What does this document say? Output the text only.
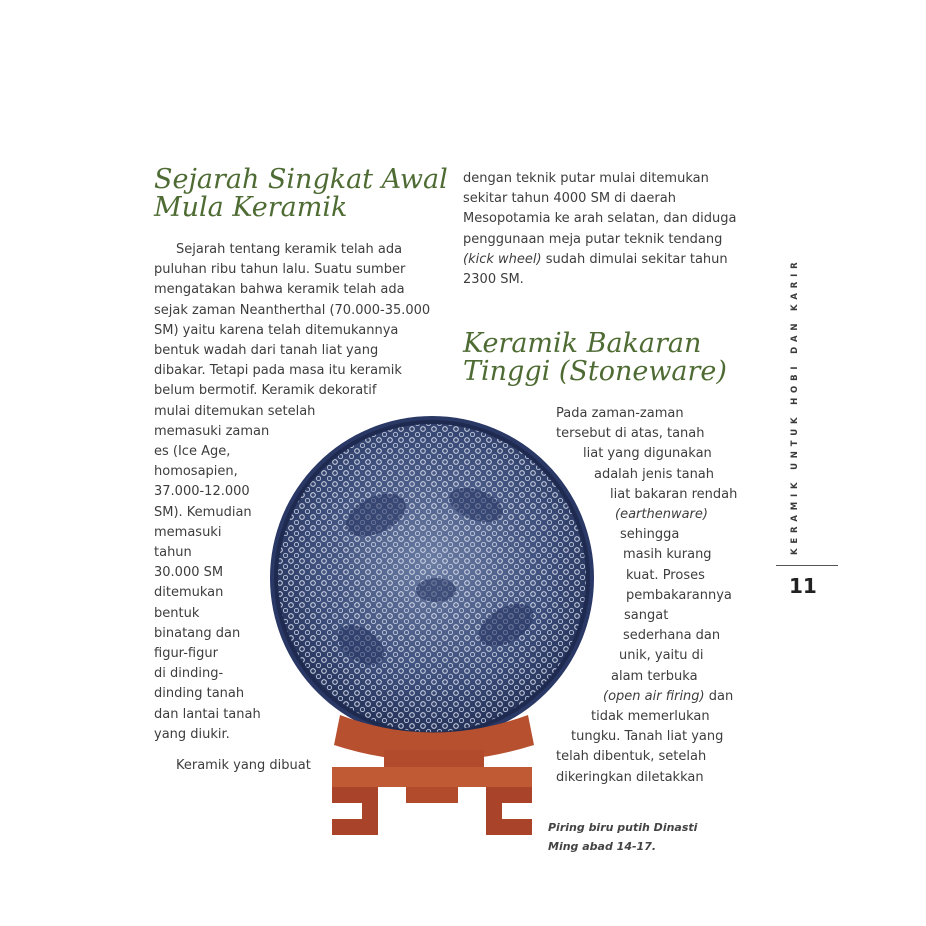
Sejarah Singkat Awal
Mula Keramik
Sejarah tentang keramik telah ada
puluhan ribu tahun lalu. Suatu sumber
mengatakan bahwa keramik telah ada
sejak zaman Neantherthal (70.000-35.000
SM) yaitu karena telah ditemukannya
bentuk wadah dari tanah liat yang
dibakar. Tetapi pada masa itu keramik
belum bermotif. Keramik dekoratif
mulai ditemukan setelah
memasuki zaman
es (Ice Age,
homosapien,
37.000-12.000
SM). Kemudian
memasuki
tahun
30.000 SM
ditemukan
bentuk
binatang dan
figur-figur
di dinding-
dinding tanah
dan lantai tanah
yang diukir.
Keramik yang dibuat
dengan teknik putar mulai ditemukan
sekitar tahun 4000 SM di daerah
Mesopotamia ke arah selatan, dan diduga
penggunaan meja putar teknik tendang
(kick wheel) sudah dimulai sekitar tahun
2300 SM.
Keramik Bakaran
Tinggi (Stoneware)
Pada zaman-zaman
tersebut di atas, tanah
liat yang digunakan
adalah jenis tanah
liat bakaran rendah
(earthenware)
sehingga
masih kurang
kuat. Proses
pembakarannya
sangat
sederhana dan
unik, yaitu di
alam terbuka
(open air firing) dan
tidak memerlukan
tungku. Tanah liat yang
telah dibentuk, setelah
dikeringkan diletakkan
Piring biru putih Dinasti
Ming abad 14-17.
KERAMIK UNTUK HOBI DAN KARIR
11
